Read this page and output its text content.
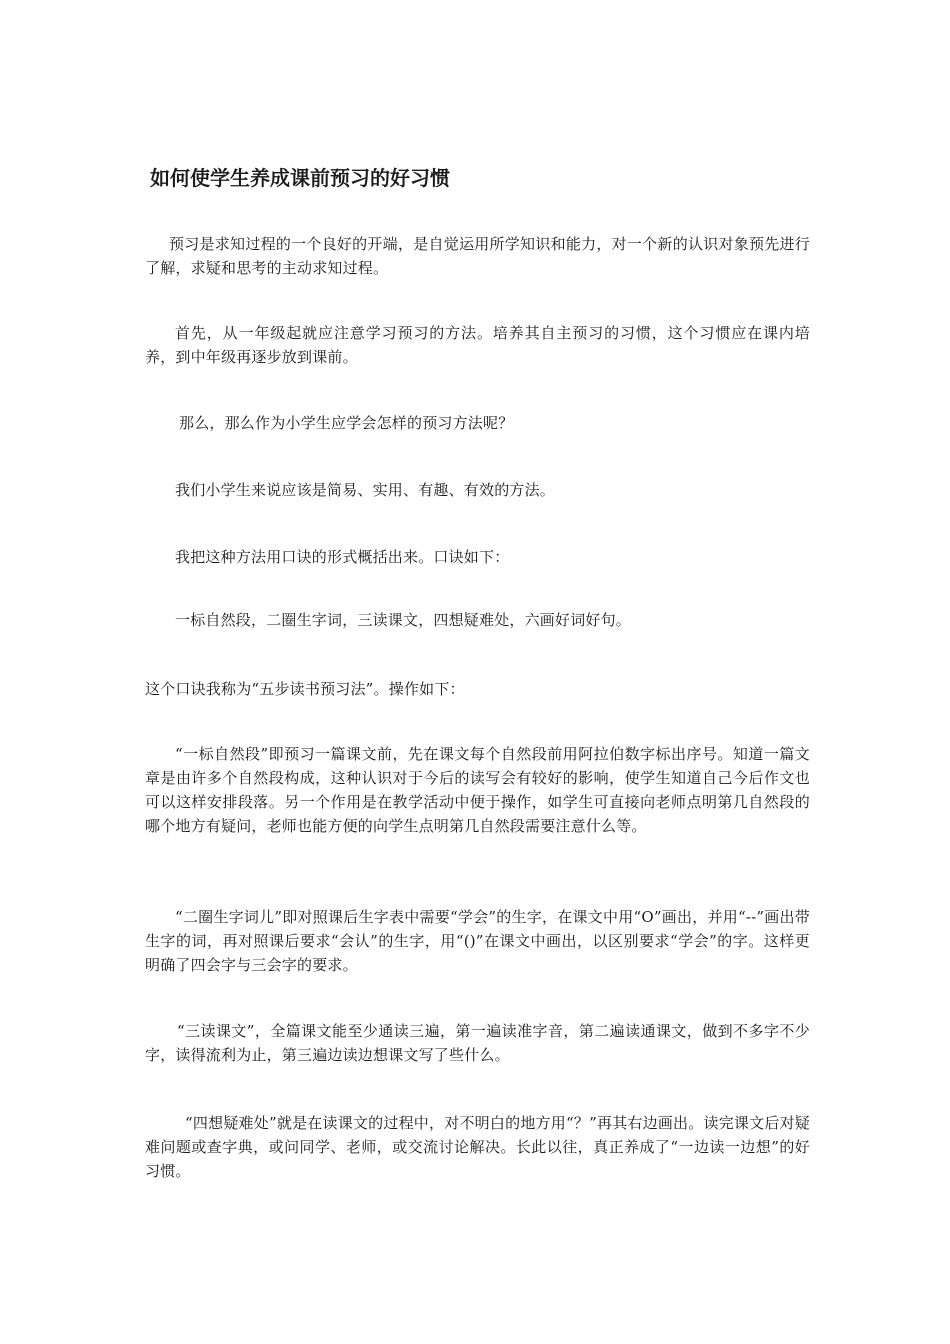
如何使学生养成课前预习的好习惯

预习是求知过程的一个良好的开端，是自觉运用所学知识和能力，对一个新的认识对象预先进行了解，求疑和思考的主动求知过程。

首先，从一年级起就应注意学习预习的方法。培养其自主预习的习惯，这个习惯应在课内培养，到中年级再逐步放到课前。

那么，那么作为小学生应学会怎样的预习方法呢？

我们小学生来说应该是简易、实用、有趣、有效的方法。

我把这种方法用口诀的形式概括出来。口诀如下：

一标自然段，二圈生字词，三读课文，四想疑难处，六画好词好句。

这个口诀我称为“五步读书预习法”。操作如下：

“一标自然段”即预习一篇课文前，先在课文每个自然段前用阿拉伯数字标出序号。知道一篇文章是由许多个自然段构成，这种认识对于今后的读写会有较好的影响，使学生知道自己今后作文也可以这样安排段落。另一个作用是在教学活动中便于操作，如学生可直接向老师点明第几自然段的哪个地方有疑问，老师也能方便的向学生点明第几自然段需要注意什么等。

“二圈生字词儿”即对照课后生字表中需要“学会”的生字，在课文中用“O”画出，并用“--”画出带生字的词，再对照课后要求“会认”的生字，用“()”在课文中画出，以区别要求“学会”的字。这样更明确了四会字与三会字的要求。

“三读课文”，全篇课文能至少通读三遍，第一遍读准字音，第二遍读通课文，做到不多字不少字，读得流利为止，第三遍边读边想课文写了些什么。

“四想疑难处”就是在读课文的过程中，对不明白的地方用“？”再其右边画出。读完课文后对疑难问题或查字典，或问同学、老师，或交流讨论解决。长此以往，真正养成了“一边读一边想”的好习惯。
